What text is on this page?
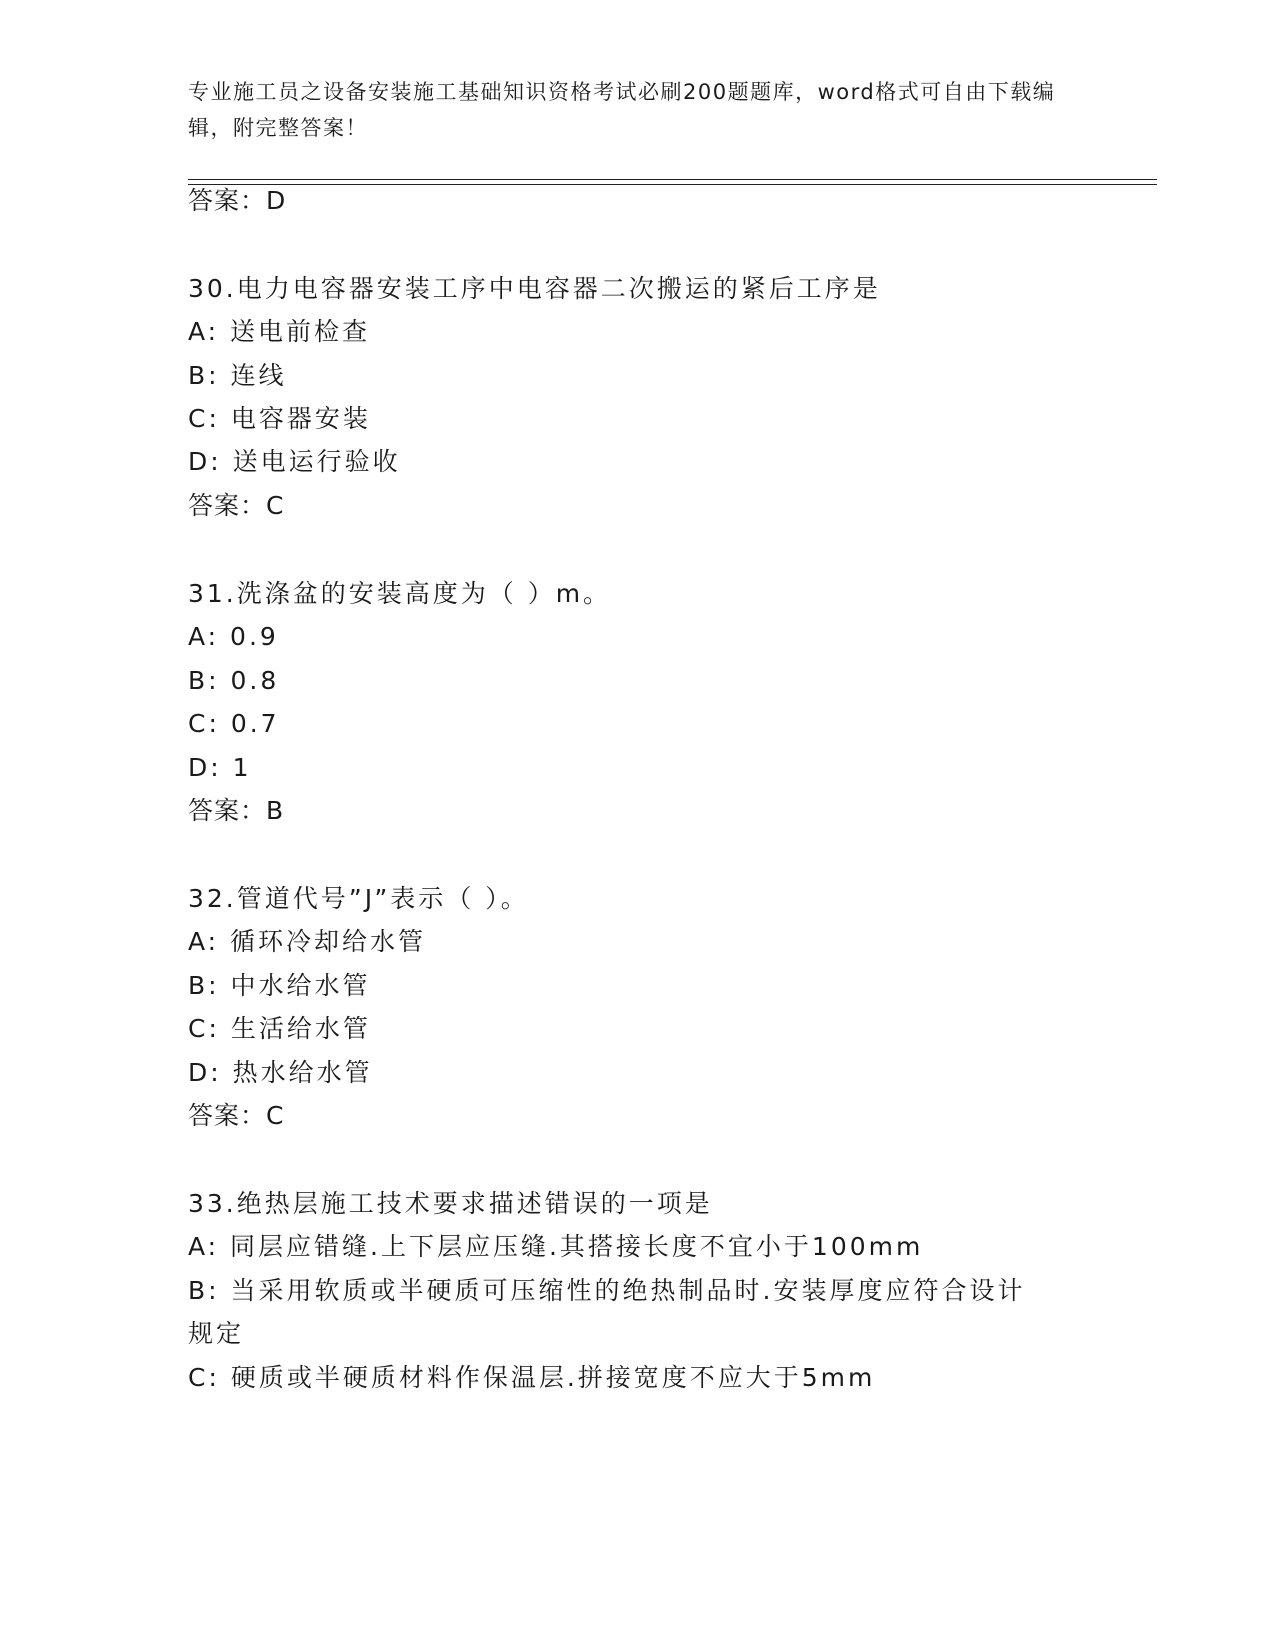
专业施工员之设备安装施工基础知识资格考试必刷200题题库，word格式可自由下载编辑，附完整答案！
答案：D
30.电力电容器安装工序中电容器二次搬运的紧后工序是
A: 送电前检查
B: 连线
C: 电容器安装
D: 送电运行验收
答案：C
31.洗涤盆的安装高度为（ ）m。
A: 0.9
B: 0.8
C: 0.7
D: 1
答案：B
32.管道代号”J”表示（ ）。
A: 循环冷却给水管
B: 中水给水管
C: 生活给水管
D: 热水给水管
答案：C
33.绝热层施工技术要求描述错误的一项是
A: 同层应错缝.上下层应压缝.其搭接长度不宜小于100mm
B: 当采用软质或半硬质可压缩性的绝热制品时.安装厚度应符合设计
规定
C: 硬质或半硬质材料作保温层.拼接宽度不应大于5mm
